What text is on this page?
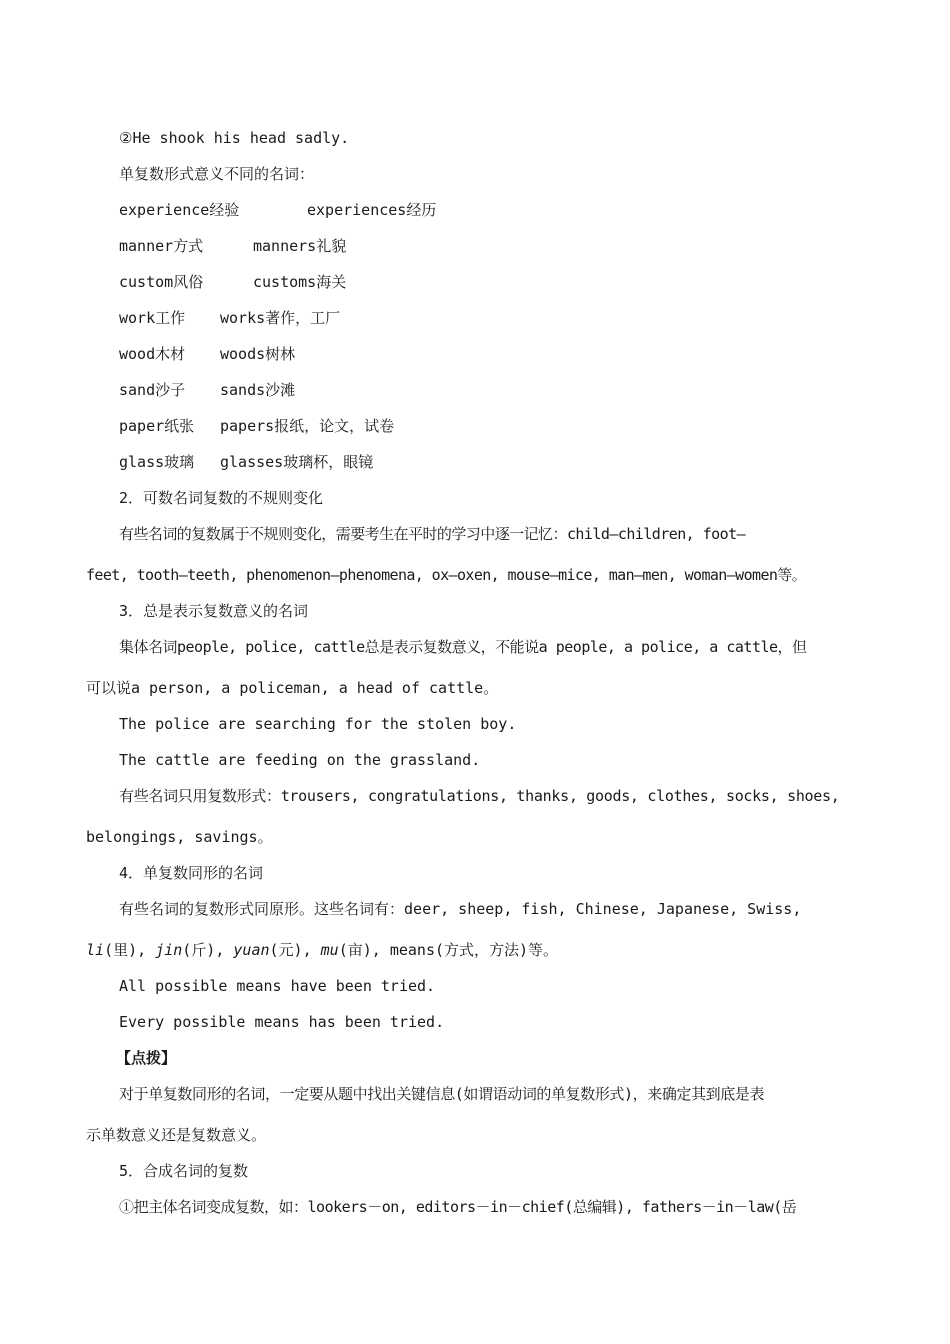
②He shook his head sadly.
单复数形式意义不同的名词：
experience经验	experiences经历
manner方式	manners礼貌
custom风俗	customs海关
work工作 works著作，工厂
wood木材 woods树林
sand沙子 sands沙滩
paper纸张 papers报纸，论文，试卷
glass玻璃 glasses玻璃杯，眼镜
2．可数名词复数的不规则变化
有些名词的复数属于不规则变化，需要考生在平时的学习中逐一记忆：child—children, foot—
feet, tooth—teeth, phenomenon—phenomena, ox—oxen, mouse—mice, man—men, woman—women等。
3．总是表示复数意义的名词
集体名词people, police, cattle总是表示复数意义，不能说a people, a police, a cattle，但
可以说a person, a policeman, a head of cattle。
The police are searching for the stolen boy.
The cattle are feeding on the grassland.
有些名词只用复数形式：trousers, congratulations, thanks, goods, clothes, socks, shoes,
belongings, savings。
4．单复数同形的名词
有些名词的复数形式同原形。这些名词有：deer, sheep, fish, Chinese, Japanese, Swiss,
li(里), jin(斤), yuan(元), mu(亩), means(方式，方法)等。
All possible means have been tried.
Every possible means has been tried.
【点拨】
对于单复数同形的名词，一定要从题中找出关键信息(如谓语动词的单复数形式)，来确定其到底是表
示单数意义还是复数意义。
5．合成名词的复数
①把主体名词变成复数，如：lookers－on, editors－in－chief(总编辑), fathers－in－law(岳
